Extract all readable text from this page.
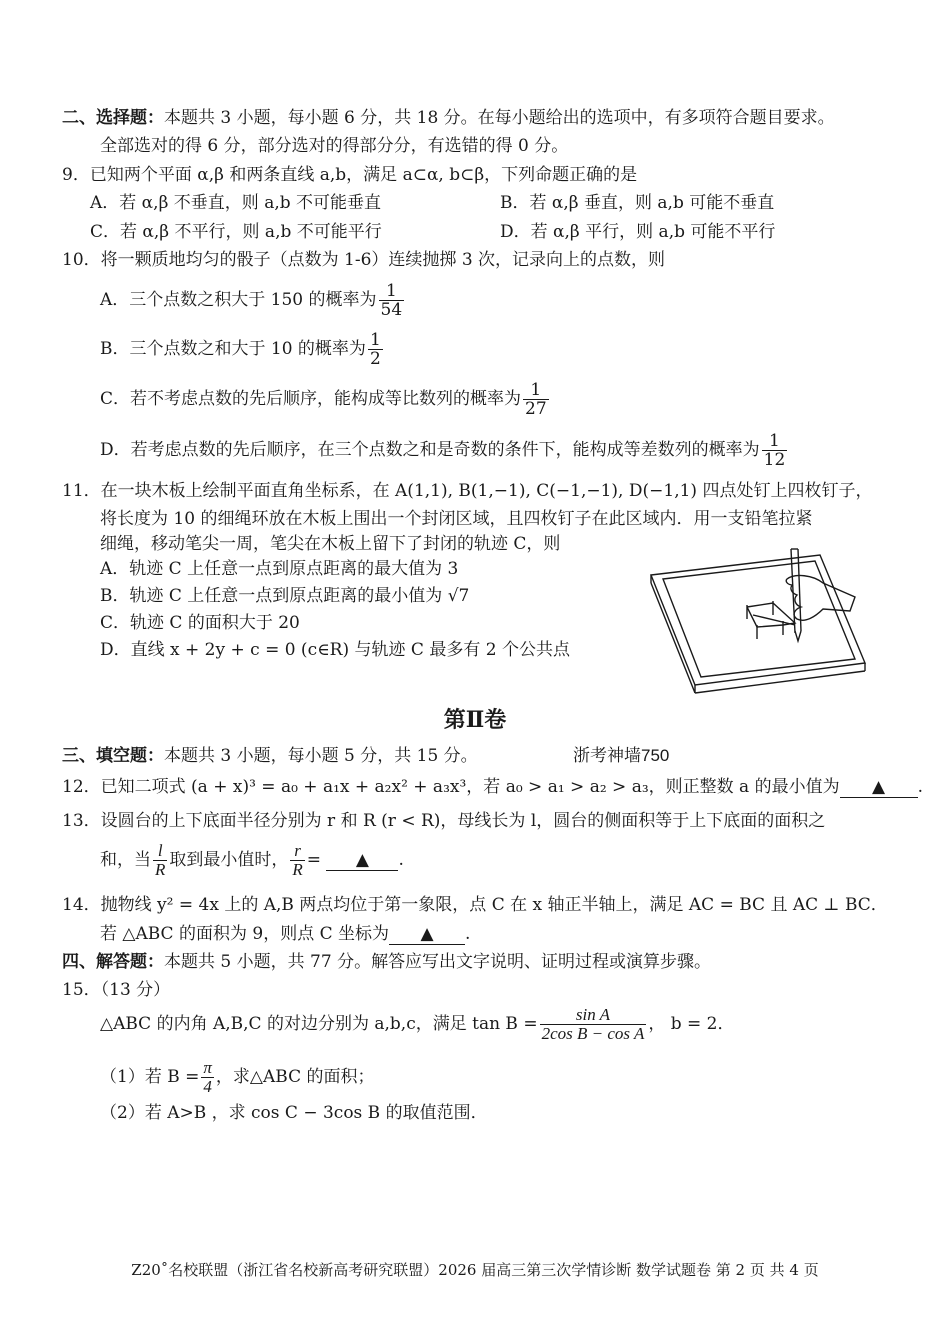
二、选择题：本题共 3 小题，每小题 6 分，共 18 分。在每小题给出的选项中，有多项符合题目要求。
全部选对的得 6 分，部分选对的得部分分，有选错的得 0 分。
9．已知两个平面 α,β 和两条直线 a,b，满足 a⊂α, b⊂β，下列命题正确的是
A．若 α,β 不垂直，则 a,b 不可能垂直	B．若 α,β 垂直，则 a,b 可能不垂直
C．若 α,β 不平行，则 a,b 不可能平行	D．若 α,β 平行，则 a,b 可能不平行
10．将一颗质地均匀的骰子（点数为 1-6）连续抛掷 3 次，记录向上的点数，则
A．三个点数之积大于 150 的概率为 $\frac{1}{54}$
B．三个点数之和大于 10 的概率为 $\frac{1}{2}$
C．若不考虑点数的先后顺序，能构成等比数列的概率为 $\frac{1}{27}$
D．若考虑点数的先后顺序，在三个点数之和是奇数的条件下，能构成等差数列的概率为 $\frac{1}{12}$
11．在一块木板上绘制平面直角坐标系，在 A(1,1), B(1,−1), C(−1,−1), D(−1,1) 四点处钉上四枚钉子，
将长度为 10 的细绳环放在木板上围出一个封闭区域，且四枚钉子在此区域内．用一支铅笔拉紧
细绳，移动笔尖一周，笔尖在木板上留下了封闭的轨迹 C，则
A．轨迹 C 上任意一点到原点距离的最大值为 3
B．轨迹 C 上任意一点到原点距离的最小值为 √7
C．轨迹 C 的面积大于 20
D．直线 x + 2y + c = 0 (c∈R) 与轨迹 C 最多有 2 个公共点
第Ⅱ卷
三、填空题：本题共 3 小题，每小题 5 分，共 15 分。	浙考神墙750
12．已知二项式 (a + x)³ = a₀ + a₁x + a₂x² + a₃x³，若 a₀ > a₁ > a₂ > a₃，则正整数 a 的最小值为 ▲ .
13．设圆台的上下底面半径分别为 r 和 R (r < R)，母线长为 l，圆台的侧面积等于上下底面的面积之
和，当 $\frac{l}{R}$ 取到最小值时， $\frac{r}{R}$ = ▲ .
14．抛物线 y² = 4x 上的 A,B 两点均位于第一象限，点 C 在 x 轴正半轴上，满足 AC = BC 且 AC ⊥ BC．
若 △ABC 的面积为 9，则点 C 坐标为 ▲ .
四、解答题：本题共 5 小题，共 77 分。解答应写出文字说明、证明过程或演算步骤。
15．（13 分）
△ABC 的内角 A,B,C 的对边分别为 a,b,c，满足 $\tan B = \frac{\text{sin A}}{\text{2cos B − cos A}}$ ， b = 2．
（1）若 $B = \frac{\pi}{4}$ ，求△ABC 的面积；
（2）若 A>B ，求 cos C − 3cos B 的取值范围．
Z20˚名校联盟（浙江省名校新高考研究联盟）2026 届高三第三次学情诊断 数学试题卷 第 2 页 共 4 页
